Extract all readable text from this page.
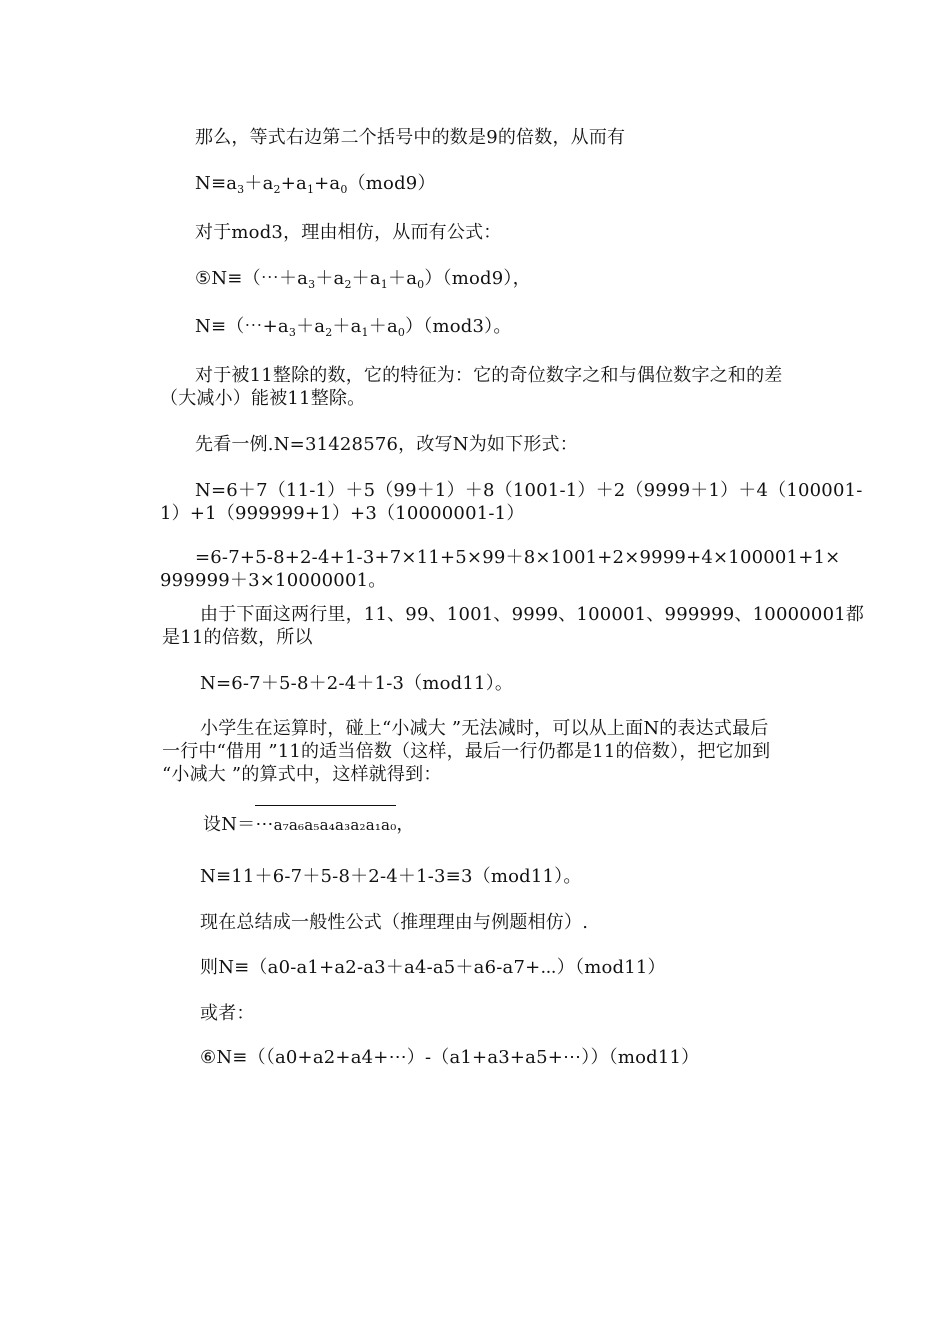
那么，等式右边第二个括号中的数是9的倍数，从而有
$N\equiv a_3+a_2+a_1+a_0(mod9)$
对于mod3，理由相仿，从而有公式：
$⑤N\equiv(\cdots+a_3+a_2+a_1+a_0)(mod9)$，
$N\equiv(\cdots+a_3+a_2+a_1+a_0)(mod3)$。
对于被11整除的数，它的特征为：它的奇位数字之和与偶位数字之和的差
（大减小）能被11整除。
先看一例.N=31428576，改写N为如下形式：
N=6＋7（11-1）＋5（99＋1）＋8（1001-1）＋2（9999＋1）＋4（100001-
1）+1（999999+1）+3（10000001-1）
=6-7+5-8+2-4+1-3+7×11+5×99＋8×1001+2×9999+4×100001+1×
999999＋3×10000001。
由于下面这两行里，11、99、1001、9999、100001、999999、10000001都
是11的倍数，所以
N=6-7＋5-8＋2-4＋1-3（mod11）。
小学生在运算时，碰上“小减大 ”无法减时，可以从上面N的表达式最后
一行中“借用 ”11的适当倍数（这样，最后一行仍都是11的倍数），把它加到
“小减大 ”的算式中，这样就得到：
设N＝⋯a₇a₆a₅a₄a₃a₂a₁a₀，
N≡11＋6-7＋5-8＋2-4＋1-3≡3（mod11）。
现在总结成一般性公式（推理理由与例题相仿）.
则N≡（a0-a1+a2-a3＋a4-a5＋a6-a7+⋯）（mod11）
或者：
⑥N≡（（a0+a2+a4+⋯）-（a1+a3+a5+⋯））（mod11）
